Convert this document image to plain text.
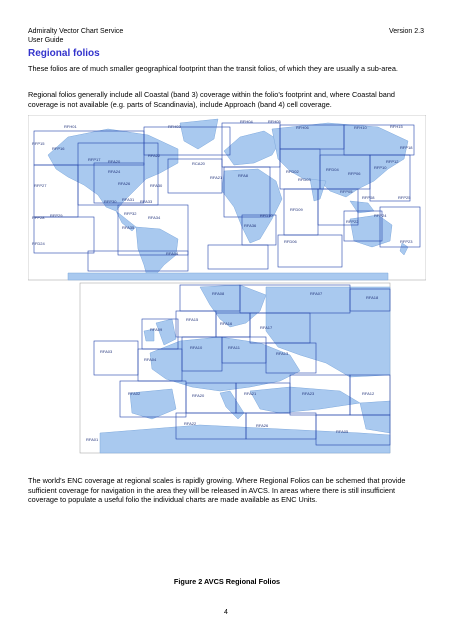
Admiralty Vector Chart Service
User Guide
Version 2.3
Regional folios
These folios are of much smaller geographical footprint than the transit folios, of which they are usually a sub-area.
Regional folios generally include all Coastal (band 3) coverage within the folio’s footprint and, where Coastal band coverage is not available (e.g. parts of Scandinavia), include Approach (band 4) cell coverage.
RFH01	RFH03
RFH04	RFH05
RFH06	RFH10	RFH15
RFP15
RFP16
RFP17 RFA20
RFA22
RCA20
RFP27
RFA24
RFA26	RFA30
RFA31
RFP30	RFA33
RFA21	RFA8
RFP28 RFP29	RFP32
RFA34
RFA35	RFA36
RFD10
RFD02
RFD03
RFD04
RFP06
RFP10
RFP12
RFP18
RFD09
RFP05
RFP08	RFP25
RFP22
RFP24
RFP23
RFD06
RFD24
RFA04
RFA08	RFA07
RFA18
RFA15
RFA16
RFA17
RFA09
RFA03
RFA04
RFA10	RFA11
RFA13
RFA02	RFA20	RFA21	RFA23	RFA12
RFA22	RFA26
RFA05
RFA01
Figure 2 AVCS Regional Folios
The world’s ENC coverage at regional scales is rapidly growing. Where Regional Folios can be schemed that provide sufficient coverage for navigation in the area they will be released in AVCS. In areas where there is still insufficient coverage to populate a useful folio the individual charts are made available as ENC Units.
4
